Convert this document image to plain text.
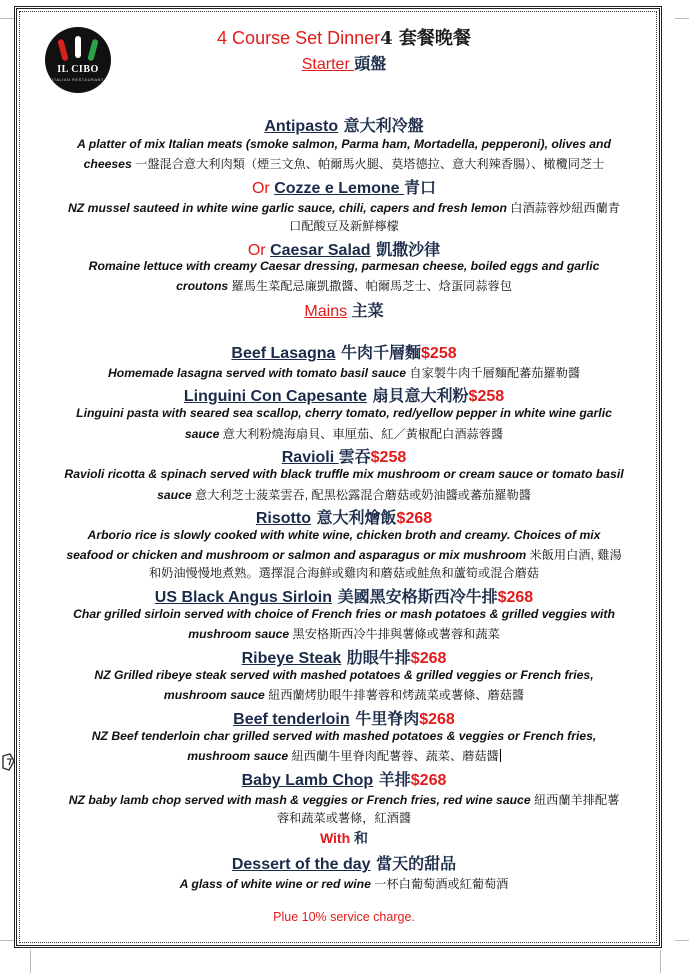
IL CIBO
ITALIAN RESTAURANT
4 Course Set Dinner4 套餐晚餐
Starter 頭盤
Antipasto 意大利冷盤
A platter of mix Italian meats (smoke salmon, Parma ham, Mortadella, pepperoni), olives and
cheeses 一盤混合意大利肉類（煙三文魚、帕爾馬火腿、莫塔德拉、意大利辣香腸）、橄欖同芝士
Or Cozze e Lemone 青口
NZ mussel sauteed in white wine garlic sauce, chili, capers and fresh lemon 白酒蒜蓉炒紐西蘭青
口配酸豆及新鮮檸檬
Or Caesar Salad 凱撒沙律
Romaine lettuce with creamy Caesar dressing, parmesan cheese, boiled eggs and garlic
croutons 羅馬生菜配忌廉凱撒醬、帕爾馬芝士、焓蛋同蒜蓉包
Mains 主菜
Beef Lasagna 牛肉千層麵$258
Homemade lasagna served with tomato basil sauce 自家製牛肉千層麵配蕃茄羅勒醬
Linguini Con Capesante 扇貝意大利粉$258
Linguini pasta with seared sea scallop, cherry tomato, red/yellow pepper in white wine garlic
sauce 意大利粉燒海扇貝、車厘茄、紅／黃椒配白酒蒜蓉醬
Ravioli 雲吞$258
Ravioli ricotta & spinach served with black truffle mix mushroom or cream sauce or tomato basil
sauce 意大利芝士菠菜雲吞, 配黑松露混合蘑菇或奶油醬或蕃茄羅勒醬
Risotto 意大利燴飯$268
Arborio rice is slowly cooked with white wine, chicken broth and creamy. Choices of mix
seafood or chicken and mushroom or salmon and asparagus or mix mushroom 米飯用白酒, 雞湯
和奶油慢慢地煮熟。選擇混合海鮮或雞肉和蘑菇或鮭魚和蘆筍或混合蘑菇
US Black Angus Sirloin 美國黑安格斯西冷牛排$268
Char grilled sirloin served with choice of French fries or mash potatoes & grilled veggies with
mushroom sauce 黑安格斯西冷牛排與薯條或薯蓉和蔬菜
Ribeye Steak 肋眼牛排$268
NZ Grilled ribeye steak served with mashed potatoes & grilled veggies or French fries,
mushroom sauce 紐西蘭烤肋眼牛排薯蓉和烤蔬菜或薯條、蘑菇醬
Beef tenderloin 牛里脊肉$268
NZ Beef tenderloin char grilled served with mashed potatoes & veggies or French fries,
mushroom sauce 紐西蘭牛里脊肉配薯蓉、蔬菜、蘑菇醬
Baby Lamb Chop 羊排$268
NZ baby lamb chop served with mash & veggies or French fries, red wine sauce 紐西蘭羊排配薯
蓉和蔬菜或薯條，紅酒醬
With 和
Dessert of the day 當天的甜品
A glass of white wine or red wine 一杯白葡萄酒或紅葡萄酒
Plue 10% service charge.
